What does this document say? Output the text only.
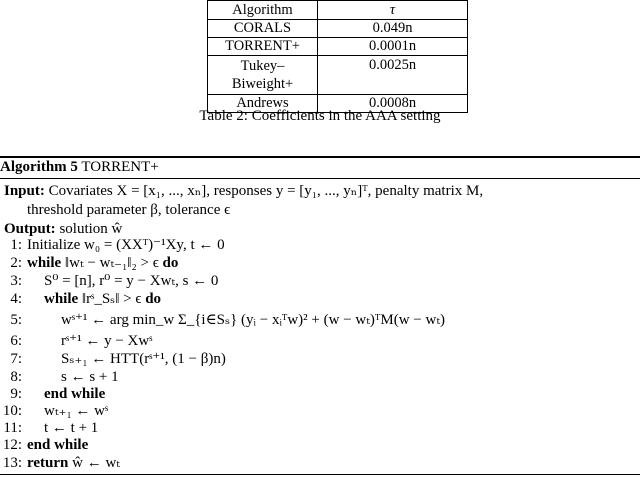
Algorithm	τ
CORALS	0.049n
TORRENT+	0.0001n
Tukey–
Biweight+	0.0025n
Andrews	0.0008n
Table 2: Coefficients in the AAA setting
Algorithm 5 TORRENT+
Input: Covariates X = [x₁, ..., xₙ], responses y = [y₁, ..., yₙ]ᵀ, penalty matrix M,
threshold parameter β, tolerance ϵ
Output: solution ŵ
1: Initialize w₀ = (XXᵀ)⁻¹Xy, t ← 0
2: while ‖wₜ − wₜ₋₁‖₂ > ϵ do
3: S⁰ = [n], r⁰ = y − Xwₜ, s ← 0
4: while ‖rˢ_Sₛ‖ > ϵ do
5:	wˢ⁺¹ ← arg min_w Σ_{i∈Sₛ} (yᵢ − xᵢᵀw)² + (w − wₜ)ᵀM(w − wₜ)
6:	rˢ⁺¹ ← y − Xwˢ
7:	Sₛ₊₁ ← HTT(rˢ⁺¹, (1 − β)n)
8:	s ← s + 1
9: end while
10: wₜ₊₁ ← wˢ
11: t ← t + 1
12: end while
13: return ŵ ← wₜ
